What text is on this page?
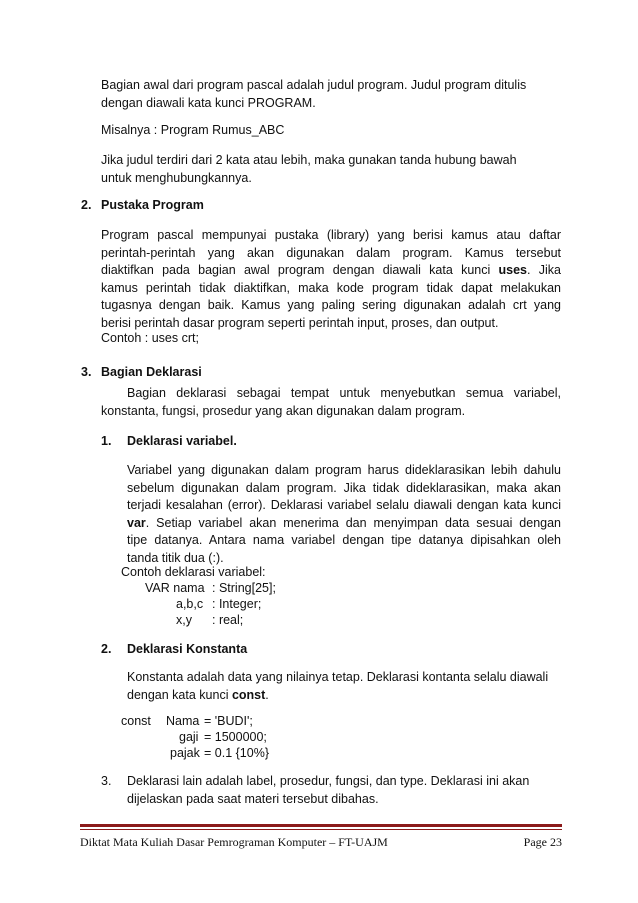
Bagian awal dari program pascal adalah judul program. Judul program ditulis
dengan diawali kata kunci PROGRAM.
Misalnya : Program Rumus_ABC
Jika judul terdiri dari 2 kata atau lebih, maka gunakan tanda hubung bawah
untuk menghubungkannya.
2. Pustaka Program
Program pascal mempunyai pustaka (library) yang berisi kamus atau daftar
perintah-perintah yang akan digunakan dalam program. Kamus tersebut
diaktifkan pada bagian awal program dengan diawali kata kunci uses. Jika
kamus perintah tidak diaktifkan, maka kode program tidak dapat melakukan
tugasnya dengan baik. Kamus yang paling sering digunakan adalah crt yang
berisi perintah dasar program seperti perintah input, proses, dan output.
Contoh : uses crt;
3. Bagian Deklarasi
Bagian deklarasi sebagai tempat untuk menyebutkan semua variabel,
konstanta, fungsi, prosedur yang akan digunakan dalam program.
1. Deklarasi variabel.
Variabel yang digunakan dalam program harus dideklarasikan lebih dahulu
sebelum digunakan dalam program. Jika tidak dideklarasikan, maka akan
terjadi kesalahan (error). Deklarasi variabel selalu diawali dengan kata kunci
var. Setiap variabel akan menerima dan menyimpan data sesuai dengan
tipe datanya. Antara nama variabel dengan tipe datanya dipisahkan oleh
tanda titik dua (:).
Contoh deklarasi variabel:
VAR nama : String[25];
a,b,c : Integer;
x,y : real;
2. Deklarasi Konstanta
Konstanta adalah data yang nilainya tetap. Deklarasi kontanta selalu diawali
dengan kata kunci const.
const Nama = 'BUDI';
gaji = 1500000;
pajak = 0.1 {10%}
3. Deklarasi lain adalah label, prosedur, fungsi, dan type. Deklarasi ini akan
dijelaskan pada saat materi tersebut dibahas.
Diktat Mata Kuliah Dasar Pemrograman Komputer – FT-UAJM	Page 23
